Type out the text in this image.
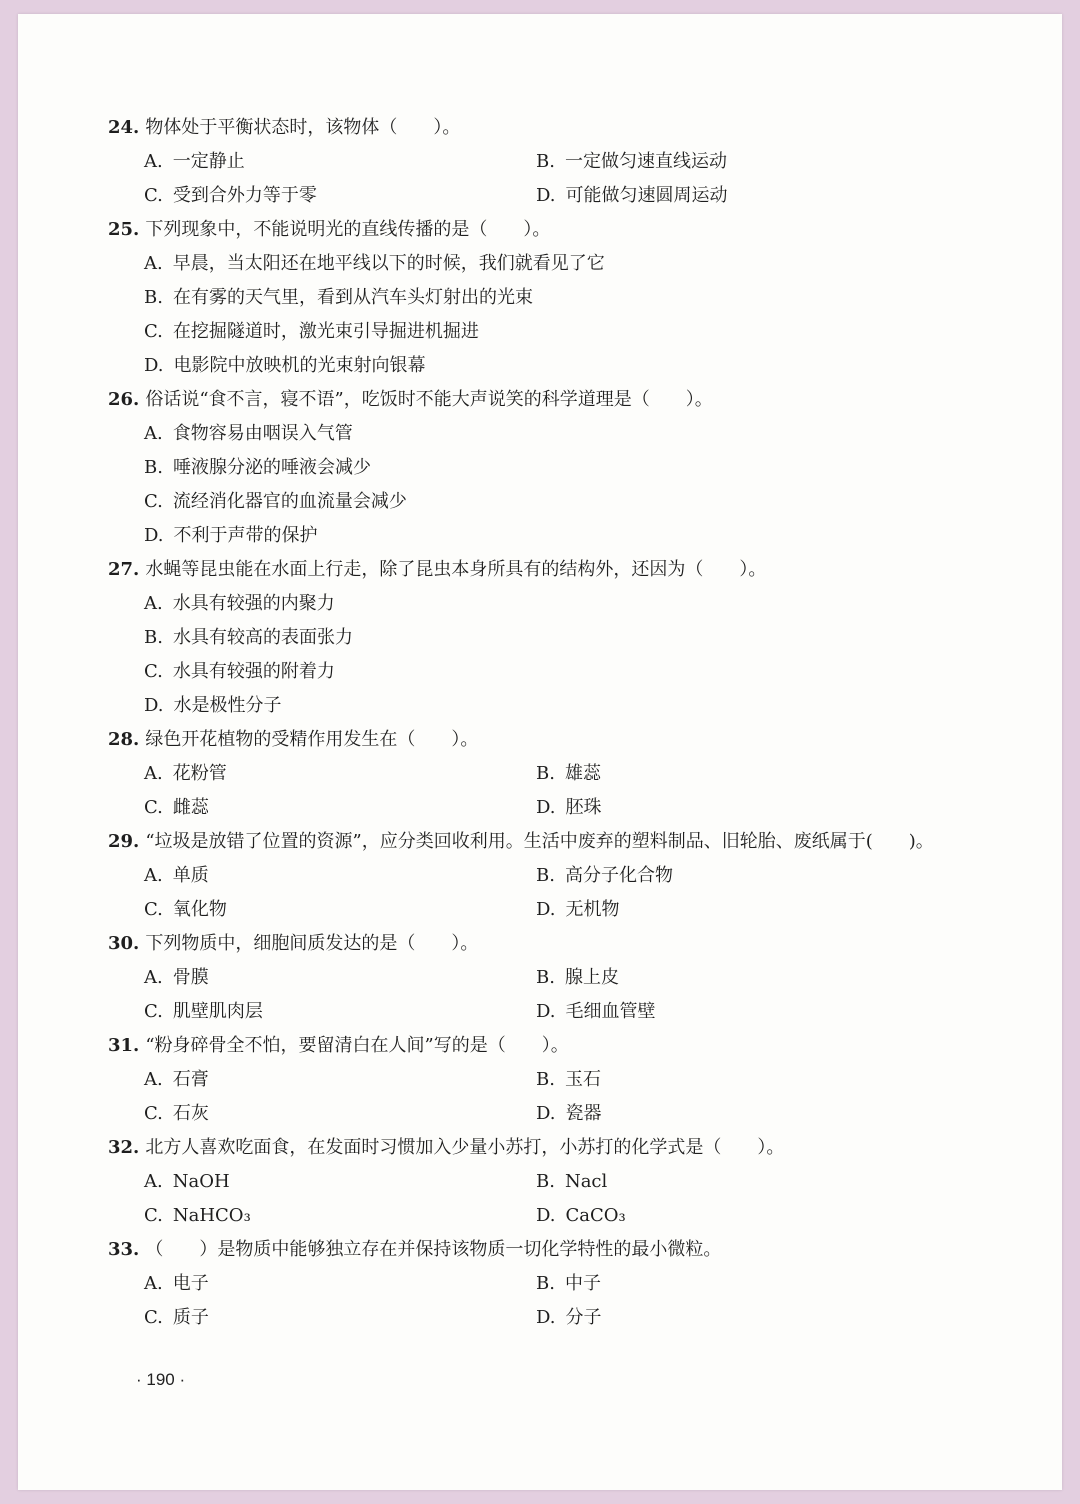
24. 物体处于平衡状态时，该物体（　　）。
A. 一定静止	B. 一定做匀速直线运动
C. 受到合外力等于零	D. 可能做匀速圆周运动
25. 下列现象中，不能说明光的直线传播的是（　　）。
A. 早晨，当太阳还在地平线以下的时候，我们就看见了它
B. 在有雾的天气里，看到从汽车头灯射出的光束
C. 在挖掘隧道时，激光束引导掘进机掘进
D. 电影院中放映机的光束射向银幕
26. 俗话说“食不言，寝不语”，吃饭时不能大声说笑的科学道理是（　　）。
A. 食物容易由咽误入气管
B. 唾液腺分泌的唾液会减少
C. 流经消化器官的血流量会减少
D. 不利于声带的保护
27. 水蝇等昆虫能在水面上行走，除了昆虫本身所具有的结构外，还因为（　　）。
A. 水具有较强的内聚力
B. 水具有较高的表面张力
C. 水具有较强的附着力
D. 水是极性分子
28. 绿色开花植物的受精作用发生在（　　）。
A. 花粉管	B. 雄蕊
C. 雌蕊	D. 胚珠
29. “垃圾是放错了位置的资源”，应分类回收利用。生活中废弃的塑料制品、旧轮胎、废纸属于(　　)。
A. 单质	B. 高分子化合物
C. 氧化物	D. 无机物
30. 下列物质中，细胞间质发达的是（　　）。
A. 骨膜	B. 腺上皮
C. 肌壁肌肉层	D. 毛细血管壁
31. “粉身碎骨全不怕，要留清白在人间”写的是（　　）。
A. 石膏	B. 玉石
C. 石灰	D. 瓷器
32. 北方人喜欢吃面食，在发面时习惯加入少量小苏打，小苏打的化学式是（　　）。
A. NaOH	B. Nacl
C. NaHCO₃	D. CaCO₃
33. （　　）是物质中能够独立存在并保持该物质一切化学特性的最小微粒。
A. 电子	B. 中子
C. 质子	D. 分子
· 190 ·
